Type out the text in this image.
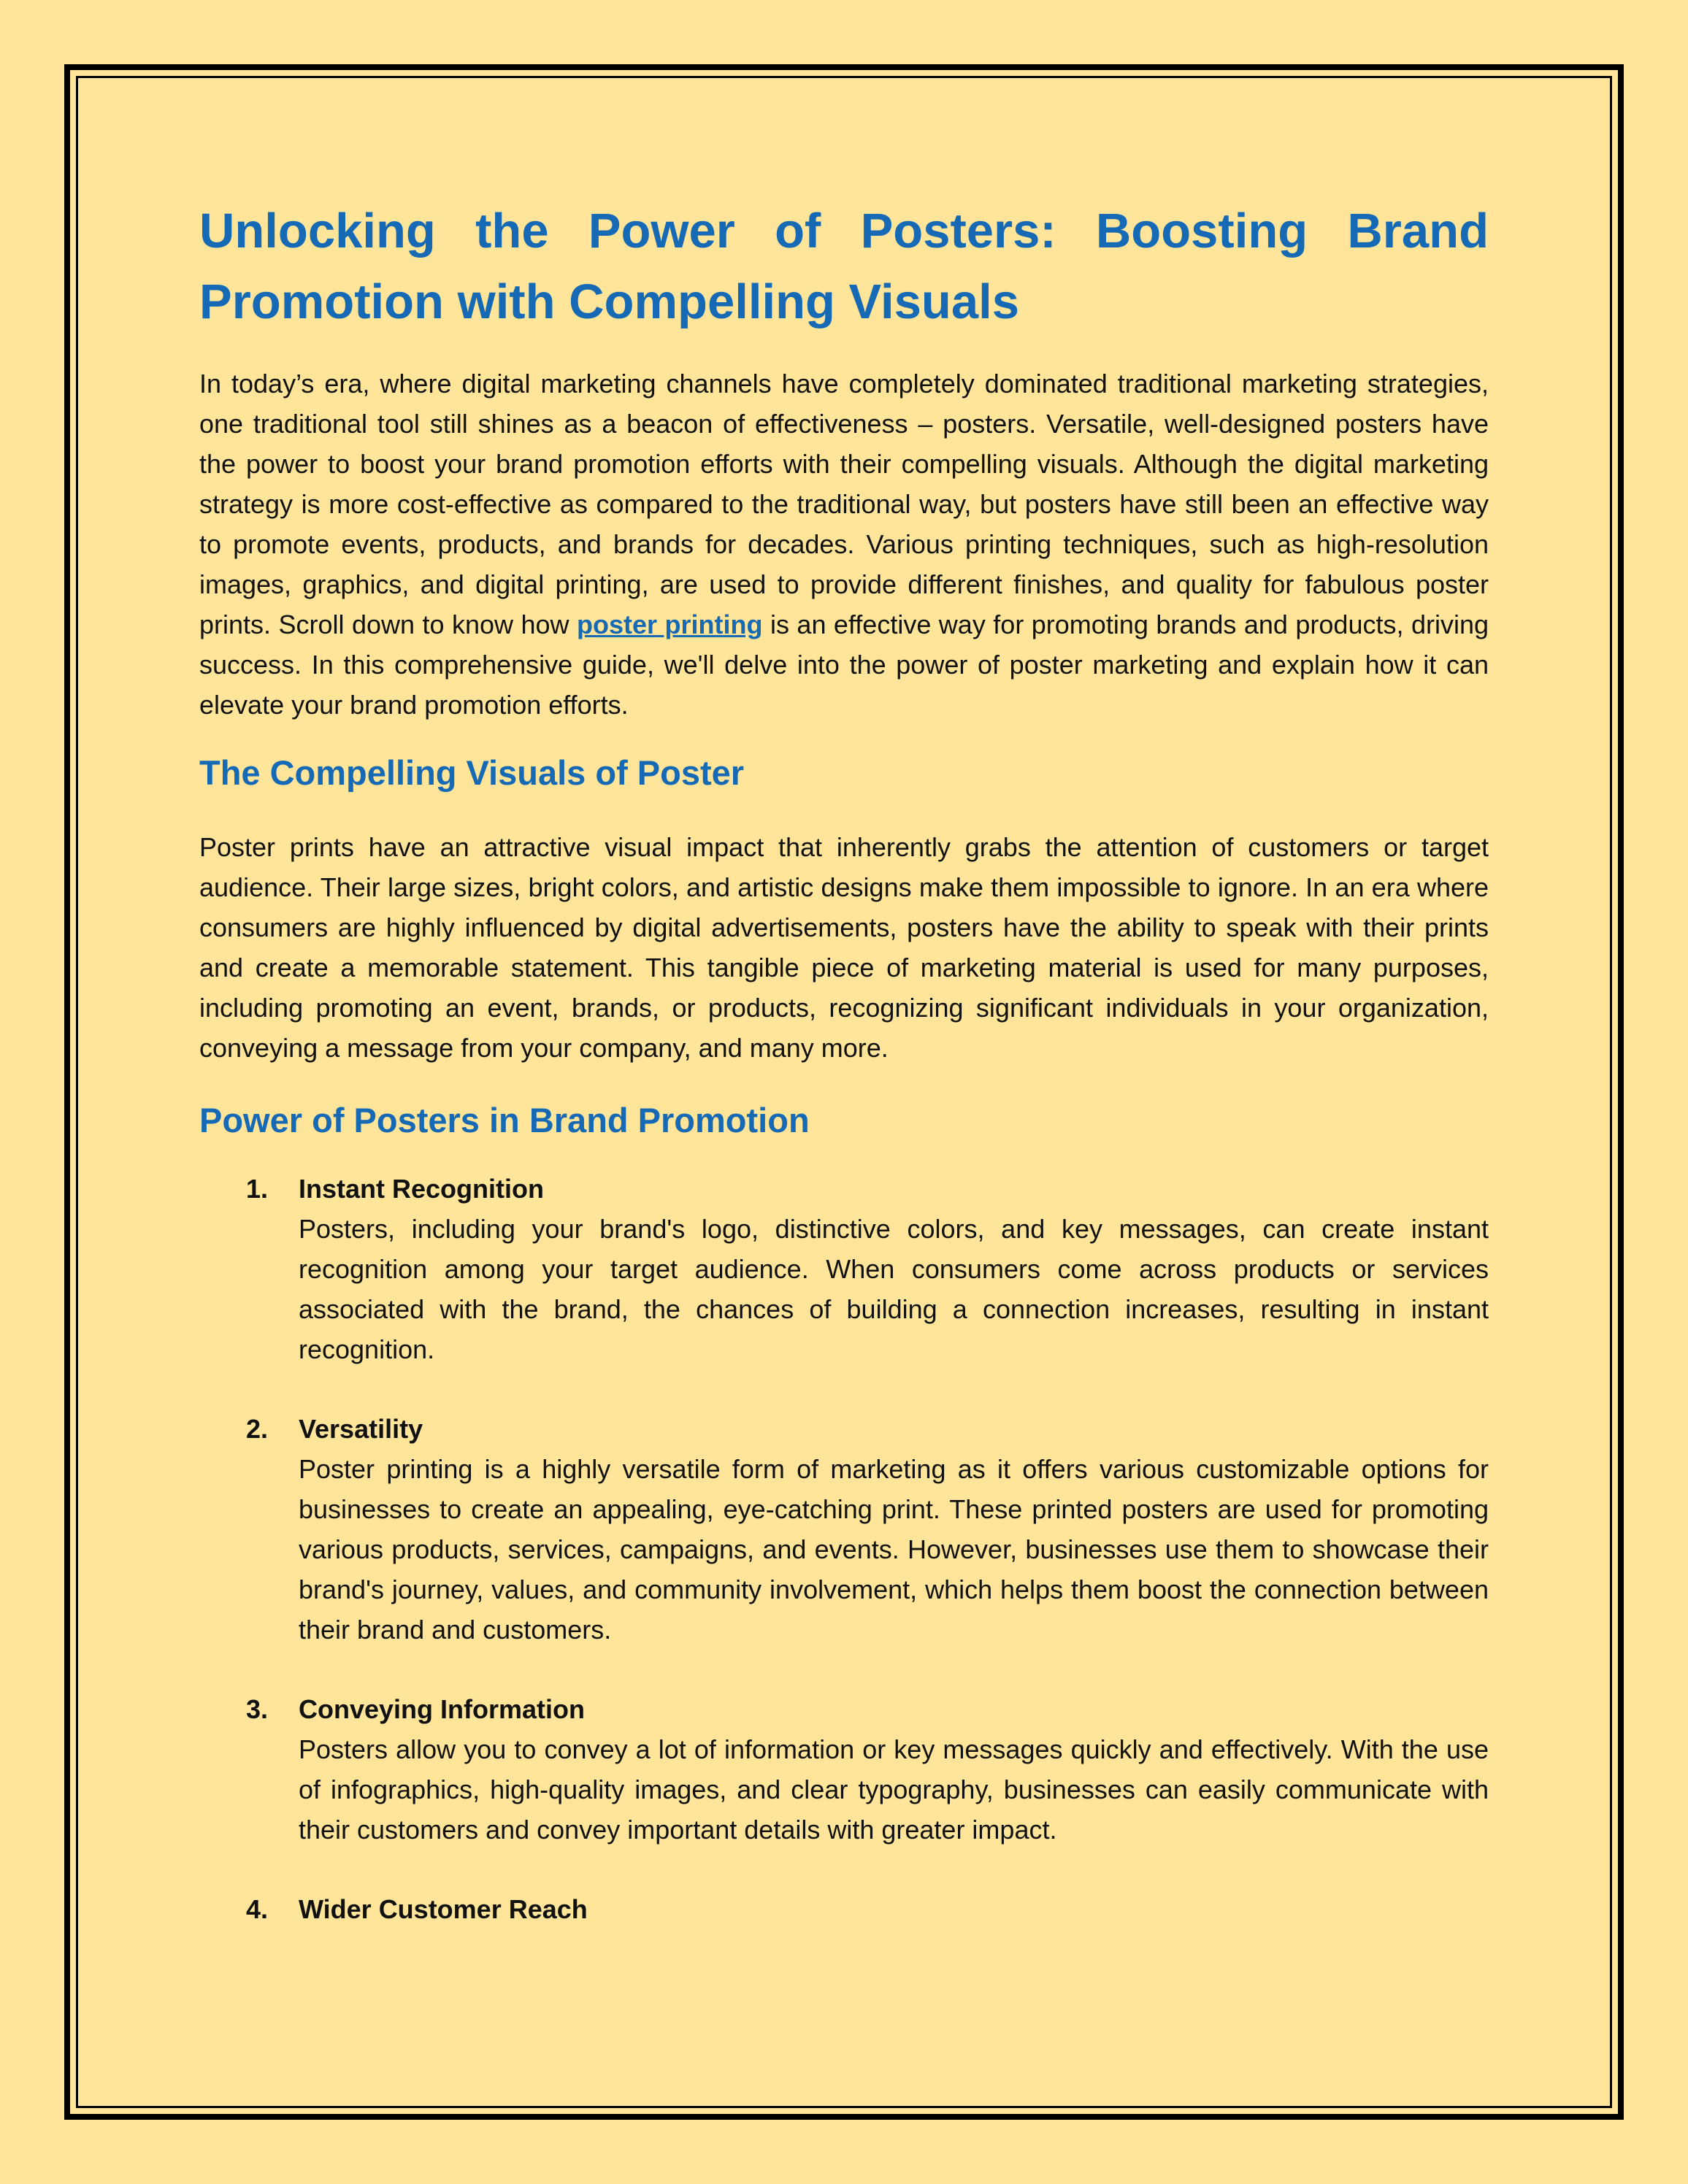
Unlocking the Power of Posters: Boosting Brand Promotion with Compelling Visuals

In today’s era, where digital marketing channels have completely dominated traditional marketing strategies, one traditional tool still shines as a beacon of effectiveness – posters. Versatile, well-designed posters have the power to boost your brand promotion efforts with their compelling visuals. Although the digital marketing strategy is more cost-effective as compared to the traditional way, but posters have still been an effective way to promote events, products, and brands for decades. Various printing techniques, such as high-resolution images, graphics, and digital printing, are used to provide different finishes, and quality for fabulous poster prints. Scroll down to know how poster printing is an effective way for promoting brands and products, driving success. In this comprehensive guide, we'll delve into the power of poster marketing and explain how it can elevate your brand promotion efforts.

The Compelling Visuals of Poster

Poster prints have an attractive visual impact that inherently grabs the attention of customers or target audience. Their large sizes, bright colors, and artistic designs make them impossible to ignore. In an era where consumers are highly influenced by digital advertisements, posters have the ability to speak with their prints and create a memorable statement. This tangible piece of marketing material is used for many purposes, including promoting an event, brands, or products, recognizing significant individuals in your organization, conveying a message from your company, and many more.

Power of Posters in Brand Promotion
1. Instant Recognition
Posters, including your brand's logo, distinctive colors, and key messages, can create instant recognition among your target audience. When consumers come across products or services associated with the brand, the chances of building a connection increases, resulting in instant recognition.
2. Versatility
Poster printing is a highly versatile form of marketing as it offers various customizable options for businesses to create an appealing, eye-catching print. These printed posters are used for promoting various products, services, campaigns, and events. However, businesses use them to showcase their brand's journey, values, and community involvement, which helps them boost the connection between their brand and customers.
3. Conveying Information
Posters allow you to convey a lot of information or key messages quickly and effectively. With the use of infographics, high-quality images, and clear typography, businesses can easily communicate with their customers and convey important details with greater impact.
4. Wider Customer Reach
